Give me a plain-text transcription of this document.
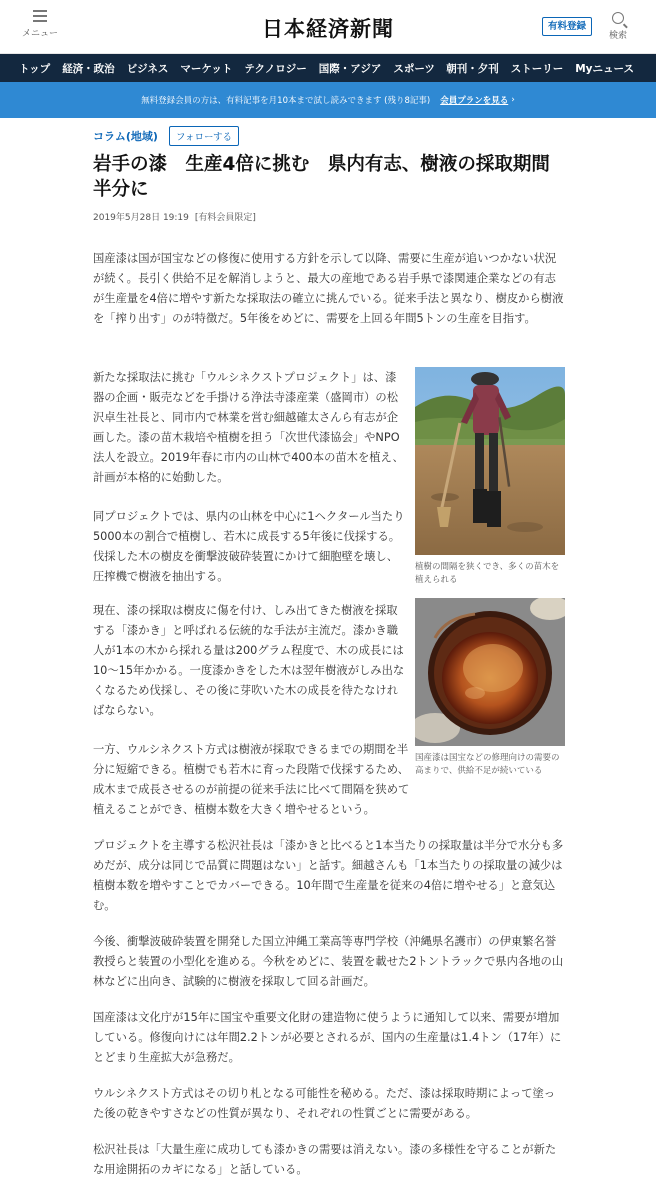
メニュー	日本経済新聞	有料登録
検索
トップ 経済・政治 ビジネス マーケット テクノロジー 国際・アジア スポーツ 朝刊・夕刊 ストーリー Myニュース
無料登録会員の方は、有料記事を月10本まで試し読みできます (残り8記事) 会員プランを見る ›
コラム(地域)	フォローする
岩手の漆　生産4倍に挑む　県内有志、樹液の採取期間半分に
2019年5月28日 19:19 [有料会員限定]
国産漆は国が国宝などの修復に使用する方針を示して以降、需要に生産が追いつかない状況が続く。長引く供給不足を解消しようと、最大の産地である岩手県で漆関連企業などの有志が生産量を4倍に増やす新たな採取法の確立に挑んでいる。従来手法と異なり、樹皮から樹液を「搾り出す」のが特徴だ。5年後をめどに、需要を上回る年間5トンの生産を目指す。
新たな採取法に挑む「ウルシネクストプロジェクト」は、漆器の企画・販売などを手掛ける浄法寺漆産業（盛岡市）の松沢卓生社長と、同市内で林業を営む細越確太さんら有志が企画した。漆の苗木栽培や植樹を担う「次世代漆協会」やNPO法人を設立。2019年春に市内の山林で400本の苗木を植え、計画が本格的に始動した。
同プロジェクトでは、県内の山林を中心に1ヘクタール当たり5000本の割合で植樹し、若木に成長する5年後に伐採する。伐採した木の樹皮を衝撃波破砕装置にかけて細胞壁を壊し、圧搾機で樹液を抽出する。
現在、漆の採取は樹皮に傷を付け、しみ出てきた樹液を採取する「漆かき」と呼ばれる伝統的な手法が主流だ。漆かき職人が1本の木から採れる量は200グラム程度で、木の成長には10～15年かかる。一度漆かきをした木は翌年樹液がしみ出なくなるため伐採し、その後に芽吹いた木の成長を待たなければならない。
一方、ウルシネクスト方式は樹液が採取できるまでの期間を半分に短縮できる。植樹でも若木に育った段階で伐採するため、成木まで成長させるのが前提の従来手法に比べて間隔を狭めて植えることができ、植樹本数を大きく増やせるという。
プロジェクトを主導する松沢社長は「漆かきと比べると1本当たりの採取量は半分で水分も多めだが、成分は同じで品質に問題はない」と話す。細越さんも「1本当たりの採取量の減少は植樹本数を増やすことでカバーできる。10年間で生産量を従来の4倍に増やせる」と意気込む。
今後、衝撃波破砕装置を開発した国立沖縄工業高等専門学校（沖縄県名護市）の伊東繁名誉教授らと装置の小型化を進める。今秋をめどに、装置を載せた2トントラックで県内各地の山林などに出向き、試験的に樹液を採取して回る計画だ。
国産漆は文化庁が15年に国宝や重要文化財の建造物に使うように通知して以来、需要が増加している。修復向けには年間2.2トンが必要とされるが、国内の生産量は1.4トン（17年）にとどまり生産拡大が急務だ。
ウルシネクスト方式はその切り札となる可能性を秘める。ただ、漆は採取時期によって塗った後の乾きやすさなどの性質が異なり、それぞれの性質ごとに需要がある。
松沢社長は「大量生産に成功しても漆かきの需要は消えない。漆の多様性を守ることが新たな用途開拓のカギになる」と話している。
植樹の間隔を狭くでき、多くの苗木を植えられる
国産漆は国宝などの修理向けの需要の高まりで、供給不足が続いている
